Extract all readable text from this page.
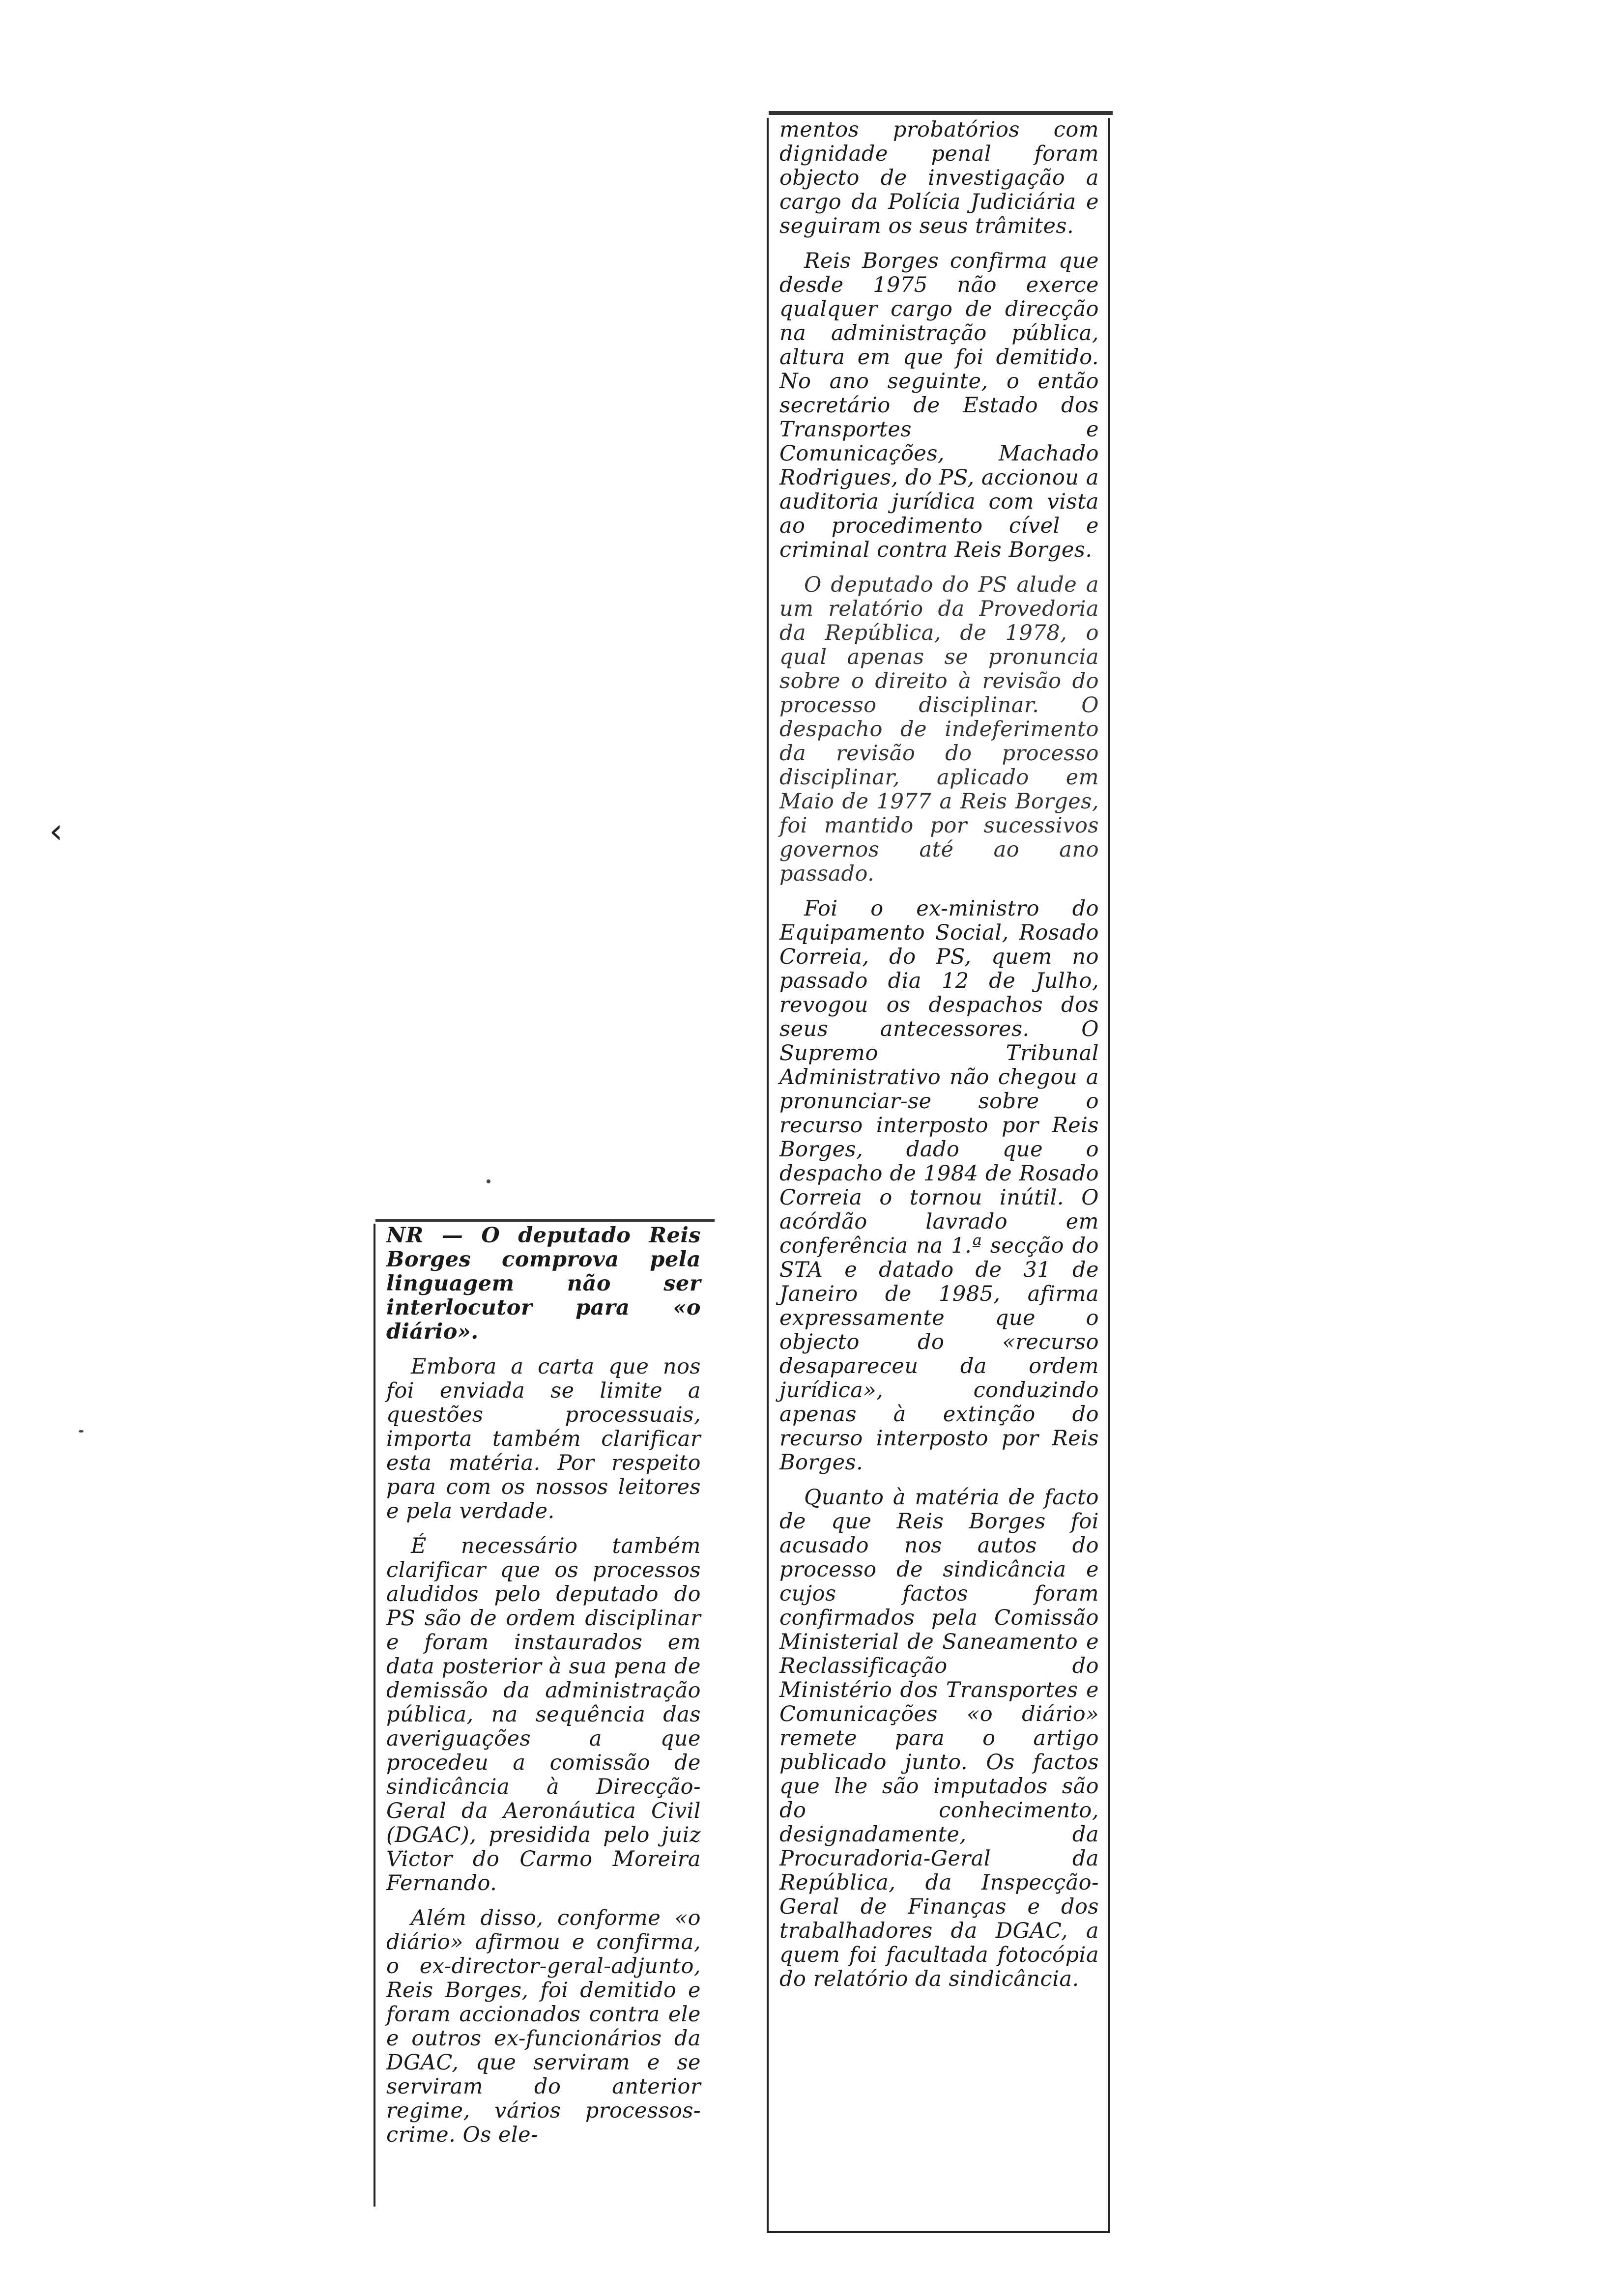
‹

NR — O deputado Reis Borges comprova pela linguagem não ser interlocutor para «o diário».

Embora a carta que nos foi enviada se limite a questões processuais, importa também clarificar esta matéria. Por respeito para com os nossos leitores e pela verdade.

É necessário também clarificar que os processos aludidos pelo deputado do PS são de ordem disciplinar e foram instaurados em data posterior à sua pena de demissão da administração pública, na sequência das averiguações a que procedeu a comissão de sindicância à Direcção-Geral da Aeronáutica Civil (DGAC), presidida pelo juiz Victor do Carmo Moreira Fernando.

Além disso, conforme «o diário» afirmou e confirma, o ex-director-geral-adjunto, Reis Borges, foi demitido e foram accionados contra ele e outros ex-funcionários da DGAC, que serviram e se serviram do anterior regime, vários processos-crime. Os ele-

mentos probatórios com dignidade penal foram objecto de investigação a cargo da Polícia Judiciária e seguiram os seus trâmites.

Reis Borges confirma que desde 1975 não exerce qualquer cargo de direcção na administração pública, altura em que foi demitido. No ano seguinte, o então secretário de Estado dos Transportes e Comunicações, Machado Rodrigues, do PS, accionou a auditoria jurídica com vista ao procedimento cível e criminal contra Reis Borges.

O deputado do PS alude a um relatório da Provedoria da República, de 1978, o qual apenas se pronuncia sobre o direito à revisão do processo disciplinar. O despacho de indeferimento da revisão do processo disciplinar, aplicado em Maio de 1977 a Reis Borges, foi mantido por sucessivos governos até ao ano passado.

Foi o ex-ministro do Equipamento Social, Rosado Correia, do PS, quem no passado dia 12 de Julho, revogou os despachos dos seus antecessores. O Supremo Tribunal Administrativo não chegou a pronunciar-se sobre o recurso interposto por Reis Borges, dado que o despacho de 1984 de Rosado Correia o tornou inútil. O acórdão lavrado em conferência na 1.ª secção do STA e datado de 31 de Janeiro de 1985, afirma expressamente que o objecto do «recurso desapareceu da ordem jurídica», conduzindo apenas à extinção do recurso interposto por Reis Borges.

Quanto à matéria de facto de que Reis Borges foi acusado nos autos do processo de sindicância e cujos factos foram confirmados pela Comissão Ministerial de Saneamento e Reclassificação do Ministério dos Transportes e Comunicações «o diário» remete para o artigo publicado junto. Os factos que lhe são imputados são do conhecimento, designadamente, da Procuradoria-Geral da República, da Inspecção-Geral de Finanças e dos trabalhadores da DGAC, a quem foi facultada fotocópia do relatório da sindicância.
